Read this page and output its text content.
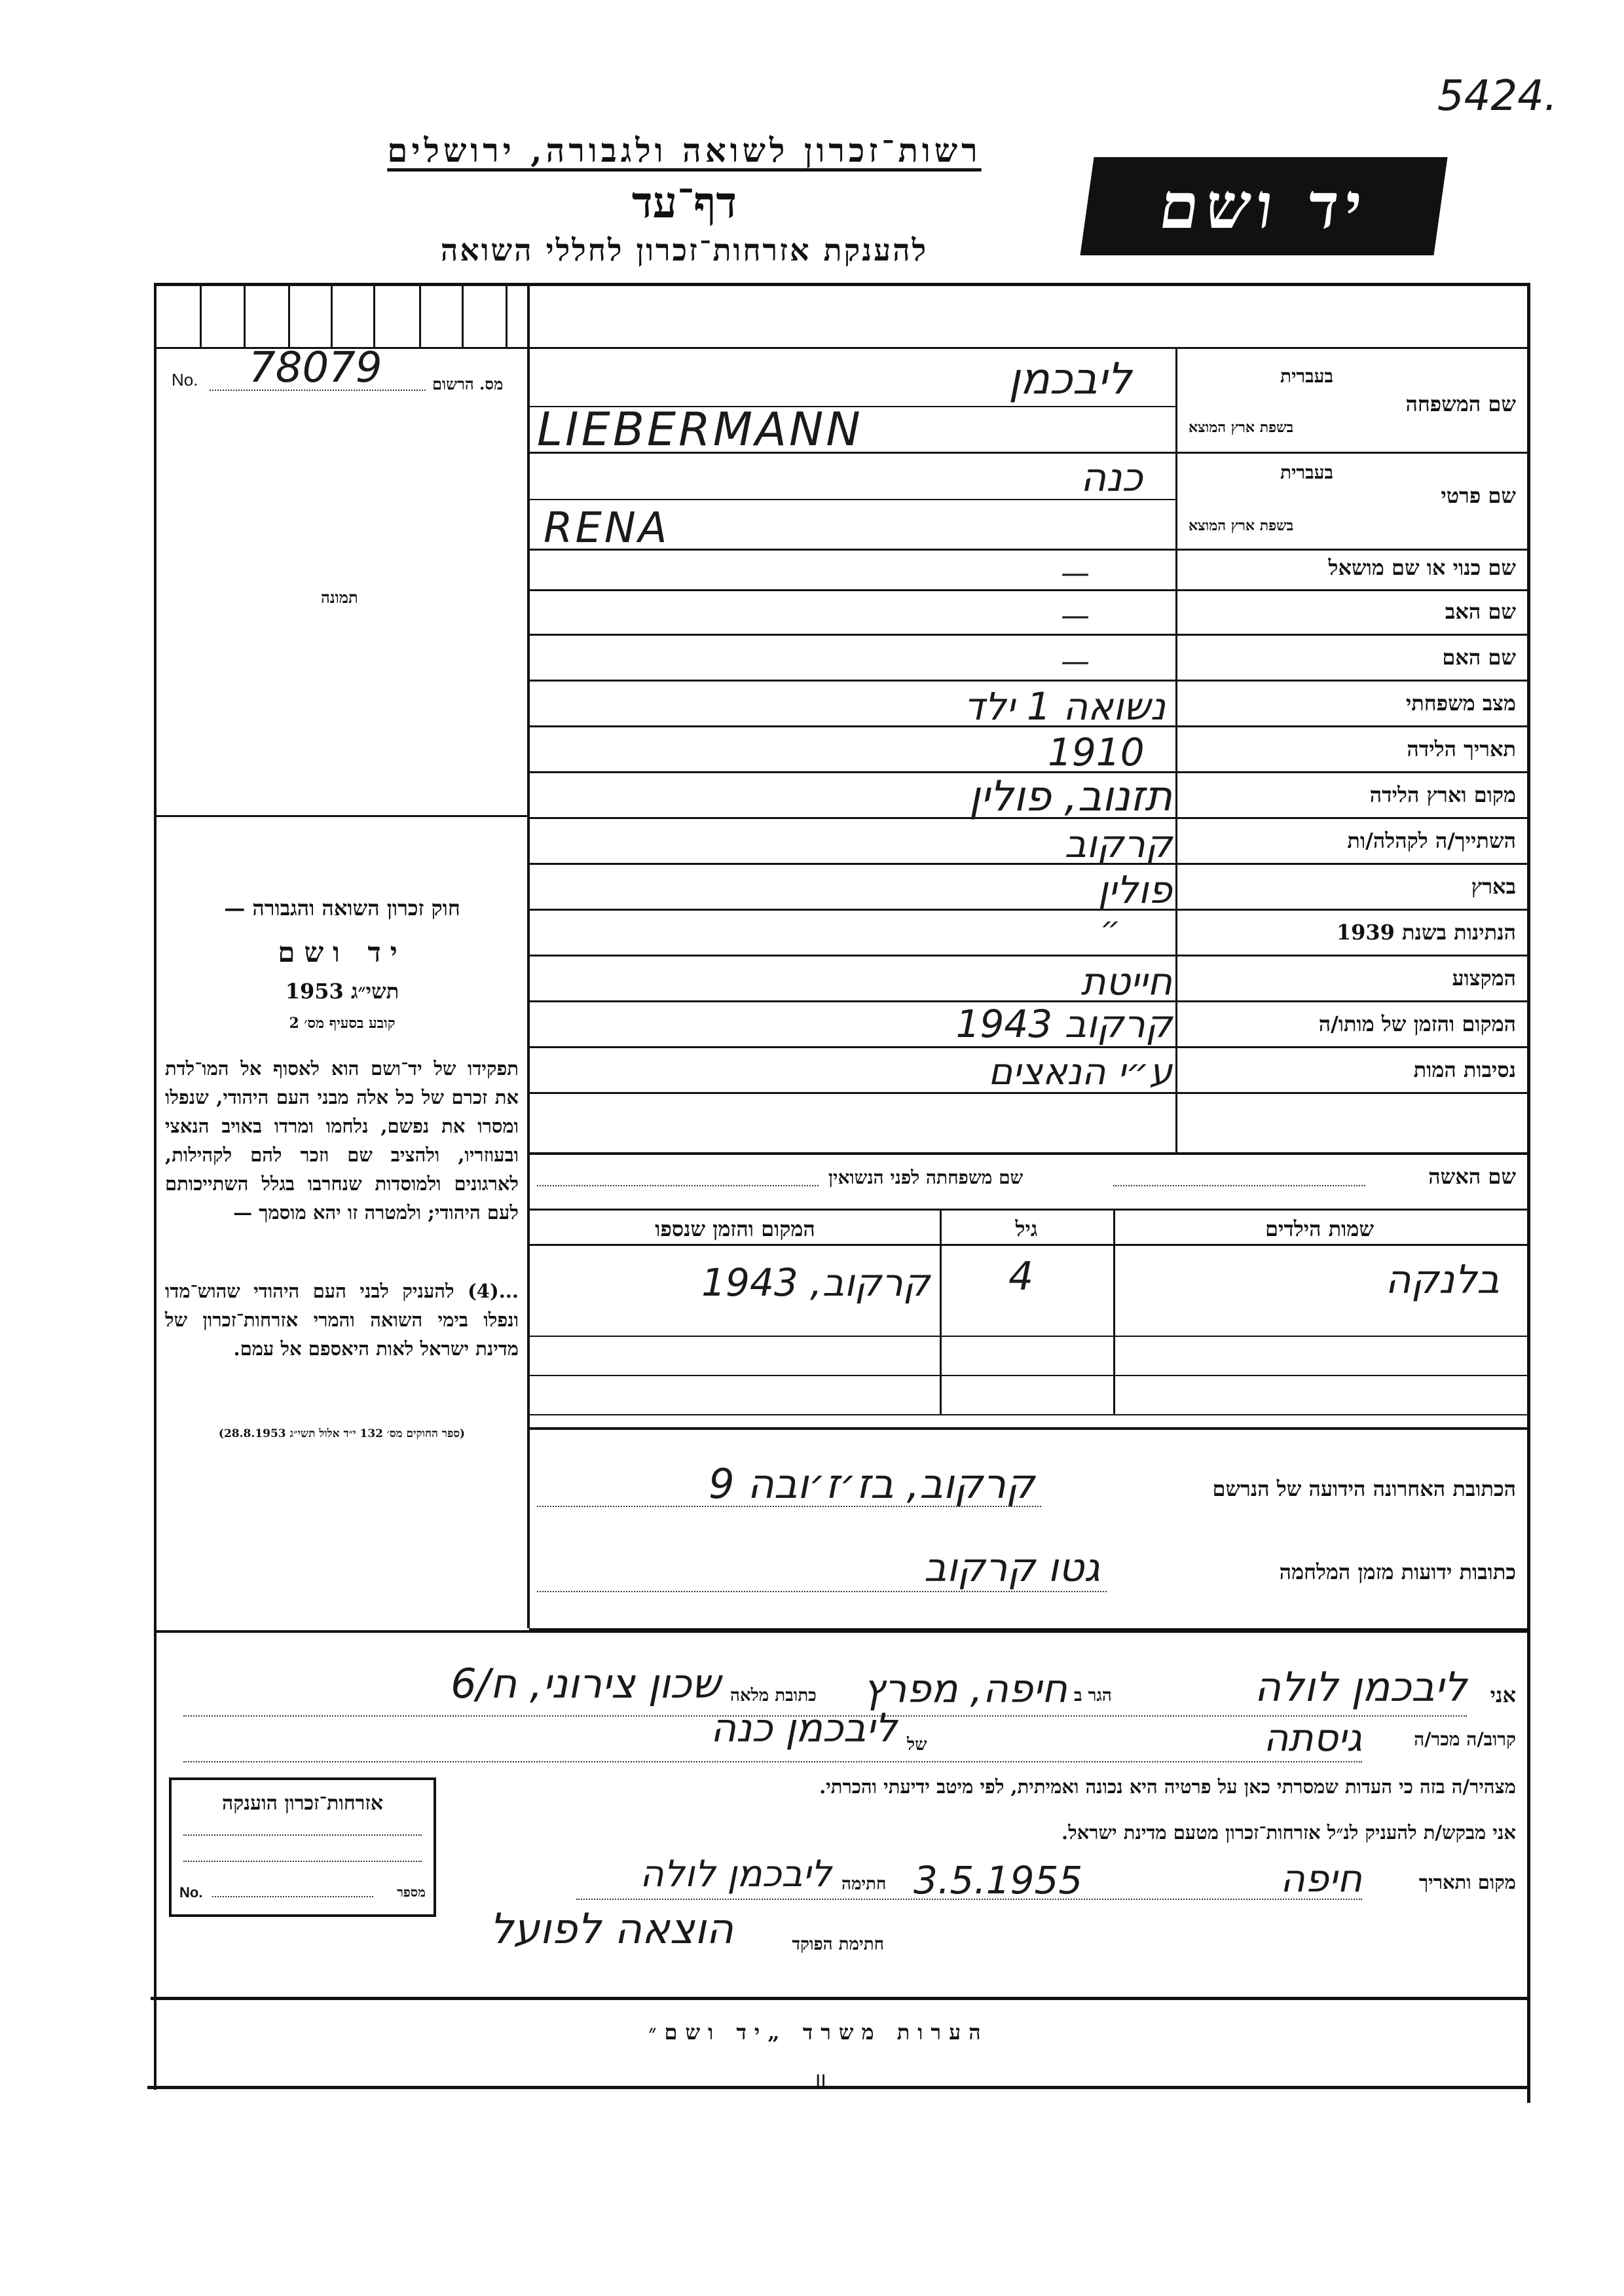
5424.
רשות־זכרון לשואה ולגבורה, ירושלים
דף־עד
להענקת אזרחות־זכרון לחללי השואה
יד ושם
No. 78079	מס. הרשום
תמונה
שם המשפחה
בעברית
בשפת ארץ המוצא
ליבכמן
LIEBERMANN
שם פרטי
בעברית
בשפת ארץ המוצא
כנה
RENA
שם כנוי או שם מושאל
—
שם האב
—
שם האם
—
מצב משפחתי
נשואה 1 ילד
תאריך הלידה
1910
מקום וארץ הלידה
תזנוב, פולין
השתייך/ה לקהלה/ות
קרקוב
בארץ
פולין
הנתינות בשנת 1939
״
המקצוע
חייטת
המקום והזמן של מותו/ה
קרקוב 1943
נסיבות המות
ע״י הנאצים
שם האשה
שם משפחתה לפני הנשואין
שמות הילדים
גיל
המקום והזמן שנספו
בלנקה
4
קרקוב, 1943
הכתובת האחרונה הידועה של הנרשם
קרקוב, בז׳ז׳ובה 9
כתובות ידועות מזמן המלחמה
גטו קרקוב
חוק זכרון השואה והגבורה —
יד ושם
תשי״ג 1953
קובע בסעיף מס׳ 2
תפקידו של יד־ושם הוא לאסוף אל המו־לדת את זכרם של כל אלה מבני העם היהודי, שנפלו ומסרו את נפשם, נלחמו ומרדו באויב הנאצי ובעוזריו, ולהציב שם וזכר להם לקהילות, לארגונים ולמוסדות שנחרבו בגלל השתייכותם לעם היהודי; ולמטרה זו יהא מוסמך —
...(4) להעניק לבני העם היהודי שהוש־מדו ונפלו בימי השואה והמרי אזרחות־זכרון של מדינת ישראל לאות היאספם אל עמם.
(ספר החוקים מס׳ 132 י״ד אלול תשי״ג 28.8.1953)
אני
ליבכמן לולה
הגר ב
חיפה, מפרץ
כתובת מלאה
שכון צירוני, ח/6
קרוב/ה מכר/ה
גיסתה
של
ליבכמן כנה
מצהיר/ה בזה כי העדות שמסרתי כאן על פרטיה היא נכונה ואמיתית, לפי מיטב ידיעתי והכרתי.
אני מבקש/ת להעניק לנ״ל אזרחות־זכרון מטעם מדינת ישראל.
מקום ותאריך
חיפה
3.5.1955
חתימה
ליבכמן לולה
חתימת הפוקד
הוצאה לפועל
אזרחות־זכרון הוענקה
No.	מספר
הערות משרד „יד ושם״
II
